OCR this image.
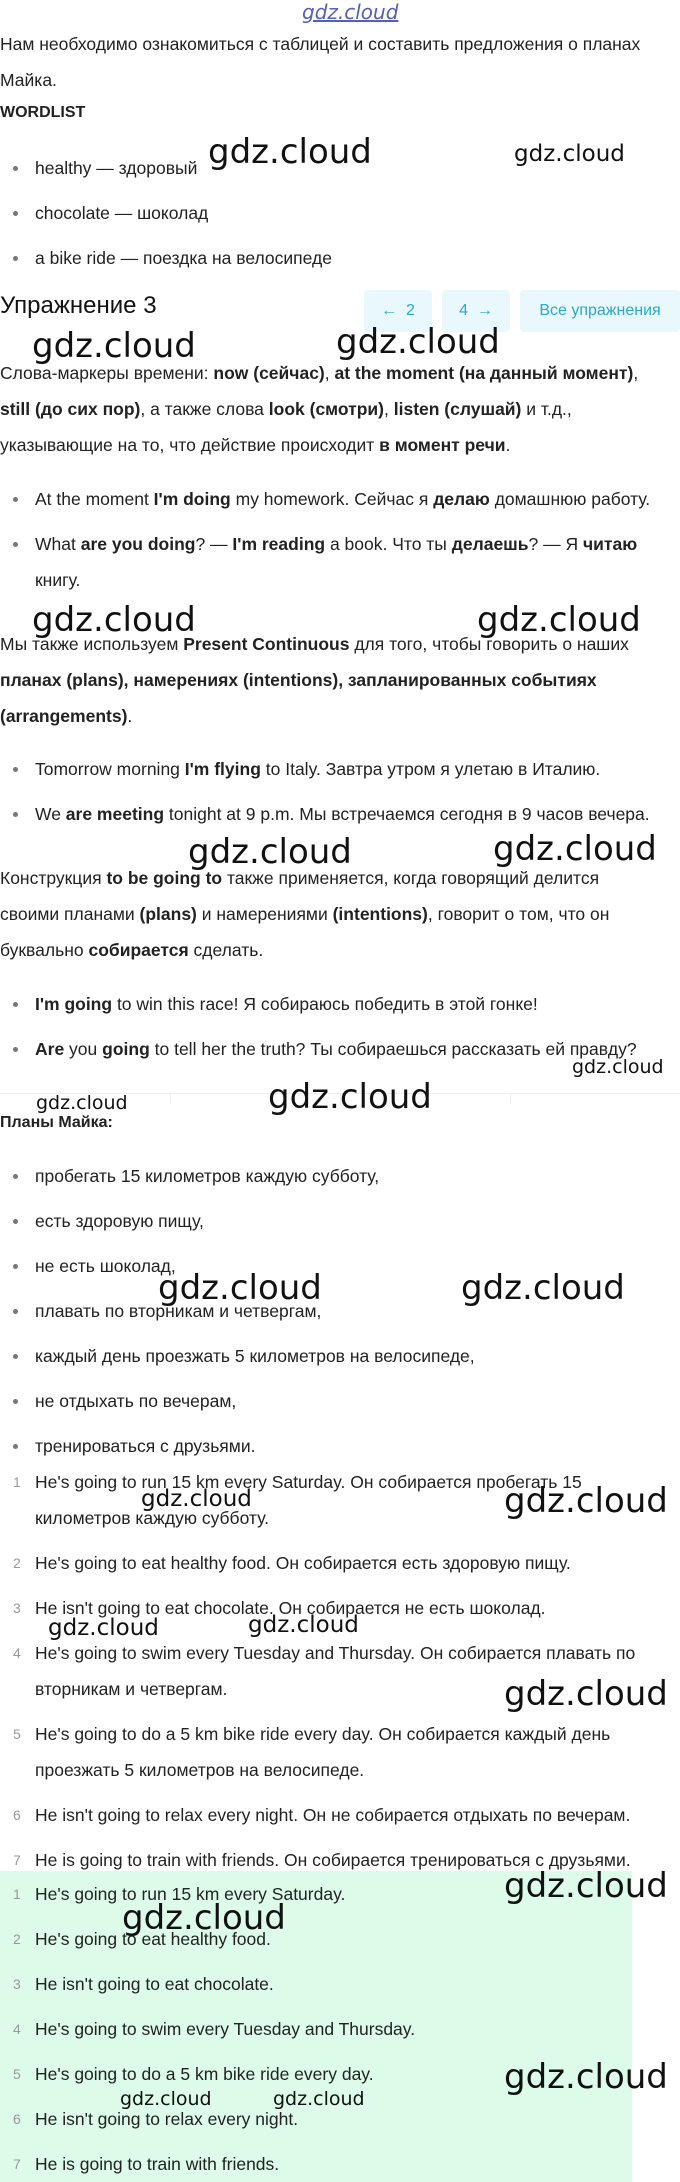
gdz.cloud

Нам необходимо ознакомиться с таблицей и составить предложения о планах

Майка.

WORDLIST
healthy — здоровый
chocolate — шоколад
a bike ride — поездка на велосипеде
Упражнение 3	← 2	4 →	Все упражнения

Слова-маркеры времени: now (сейчас), at the moment (на данный момент),

still (до сих пор), а также слова look (смотри), listen (слушай) и т.д.,

указывающие на то, что действие происходит в момент речи.

At the moment I'm doing my homework. Сейчас я делаю домашнюю работу.
What are you doing? — I'm reading a book. Что ты делаешь? — Я читаю
книгу.

Мы также используем Present Continuous для того, чтобы говорить о наших

планах (plans), намерениях (intentions), запланированных событиях

(arrangements).

Tomorrow morning I'm flying to Italy. Завтра утром я улетаю в Италию.
We are meeting tonight at 9 p.m. Мы встречаемся сегодня в 9 часов вечера.

Конструкция to be going to также применяется, когда говорящий делится

своими планами (plans) и намерениями (intentions), говорит о том, что он

буквально собирается сделать.

I'm going to win this race! Я собираюсь победить в этой гонке!
Are you going to tell her the truth? Ты собираешься рассказать ей правду?
Планы Майка:
пробегать 15 километров каждую субботу,
есть здоровую пищу,
не есть шоколад,
плавать по вторникам и четвергам,
каждый день проезжать 5 километров на велосипеде,
не отдыхать по вечерам,
тренироваться с друзьями.
1 He's going to run 15 km every Saturday. Он собирается пробегать 15
километров каждую субботу.
2 He's going to eat healthy food. Он собирается есть здоровую пищу.
3 He isn't going to eat chocolate. Он собирается не есть шоколад.
4 He's going to swim every Tuesday and Thursday. Он собирается плавать по
вторникам и четвергам.
5 He's going to do a 5 km bike ride every day. Он собирается каждый день
проезжать 5 километров на велосипеде.
6 He isn't going to relax every night. Он не собирается отдыхать по вечерам.
7 He is going to train with friends. Он собирается тренироваться с друзьями.
1 He's going to run 15 km every Saturday.
2 He's going to eat healthy food.
3 He isn't going to eat chocolate.
4 He's going to swim every Tuesday and Thursday.
5 He's going to do a 5 km bike ride every day.
6 He isn't going to relax every night.
7 He is going to train with friends.
gdz.cloud	gdz.cloud
gdz.cloud	gdz.cloud
gdz.cloud	gdz.cloud
gdz.cloud	gdz.cloud
gdz.cloud
gdz.cloud	gdz.cloud
gdz.cloud	gdz.cloud
gdz.cloud	gdz.cloud
gdz.cloud	gdz.cloud
gdz.cloud
gdz.cloud
gdz.cloud
gdz.cloud
gdz.cloud	gdz.cloud
